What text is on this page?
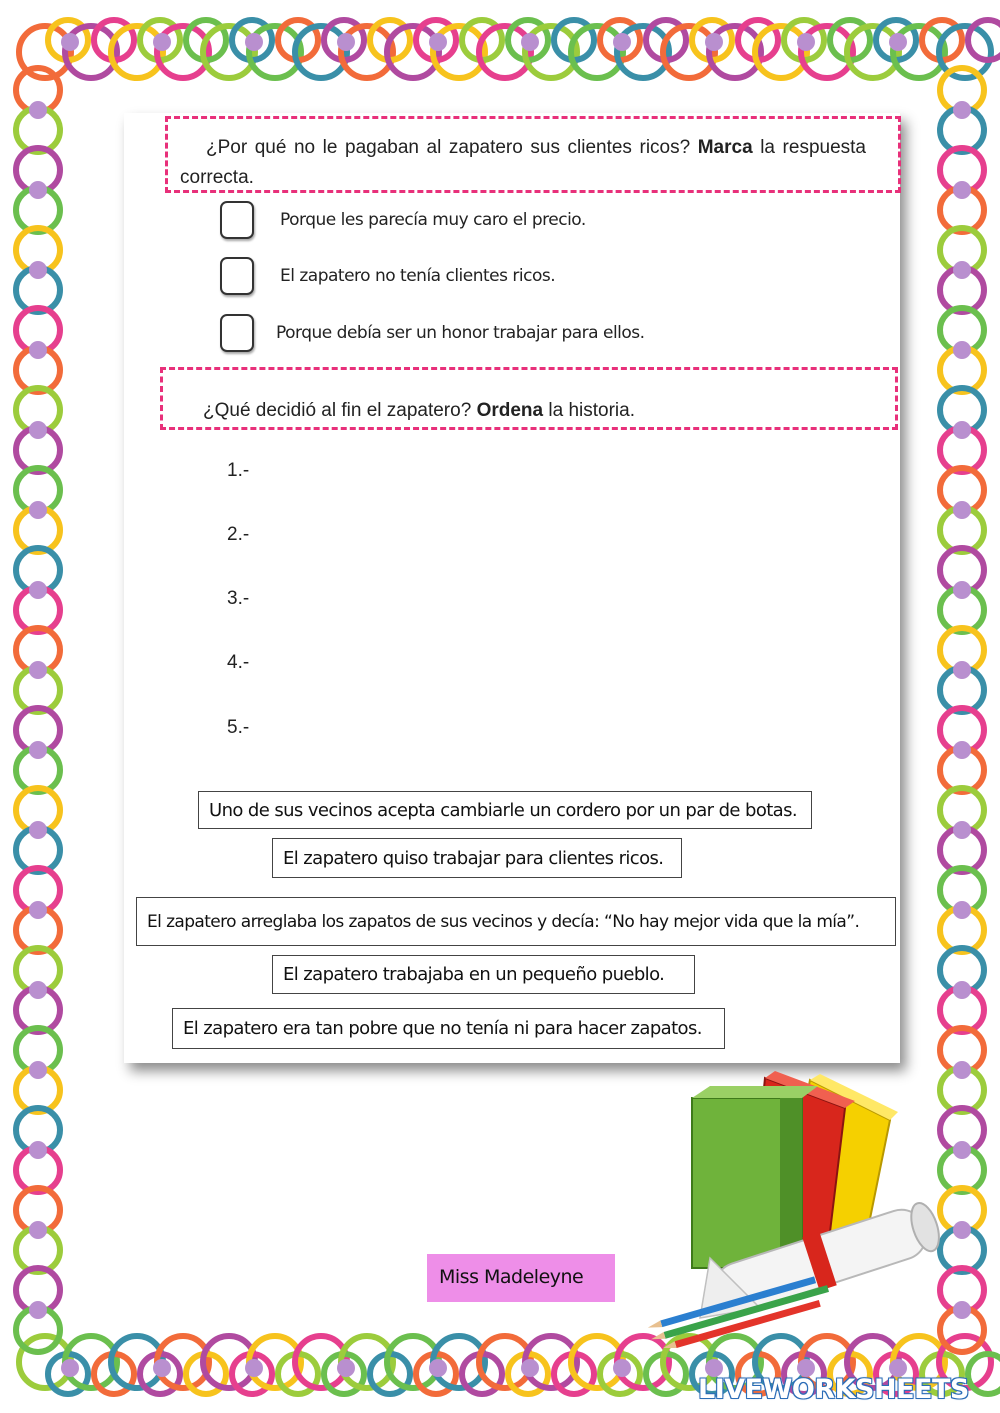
¿Por qué no le pagaban al zapatero sus clientes ricos? Marca la respuesta
correcta.
Porque les parecía muy caro el precio.
El zapatero no tenía clientes ricos.
Porque debía ser un honor trabajar para ellos.
¿Qué decidió al fin el zapatero? Ordena la historia.
1.-
2.-
3.-
4.-
5.-
Uno de sus vecinos acepta cambiarle un cordero por un par de botas.
El zapatero quiso trabajar para clientes ricos.
El zapatero arreglaba los zapatos de sus vecinos y decía: “No hay mejor vida que la mía”.
El zapatero trabajaba en un pequeño pueblo.
El zapatero era tan pobre que no tenía ni para hacer zapatos.
Miss Madeleyne
LIVEWORKSHEETS
